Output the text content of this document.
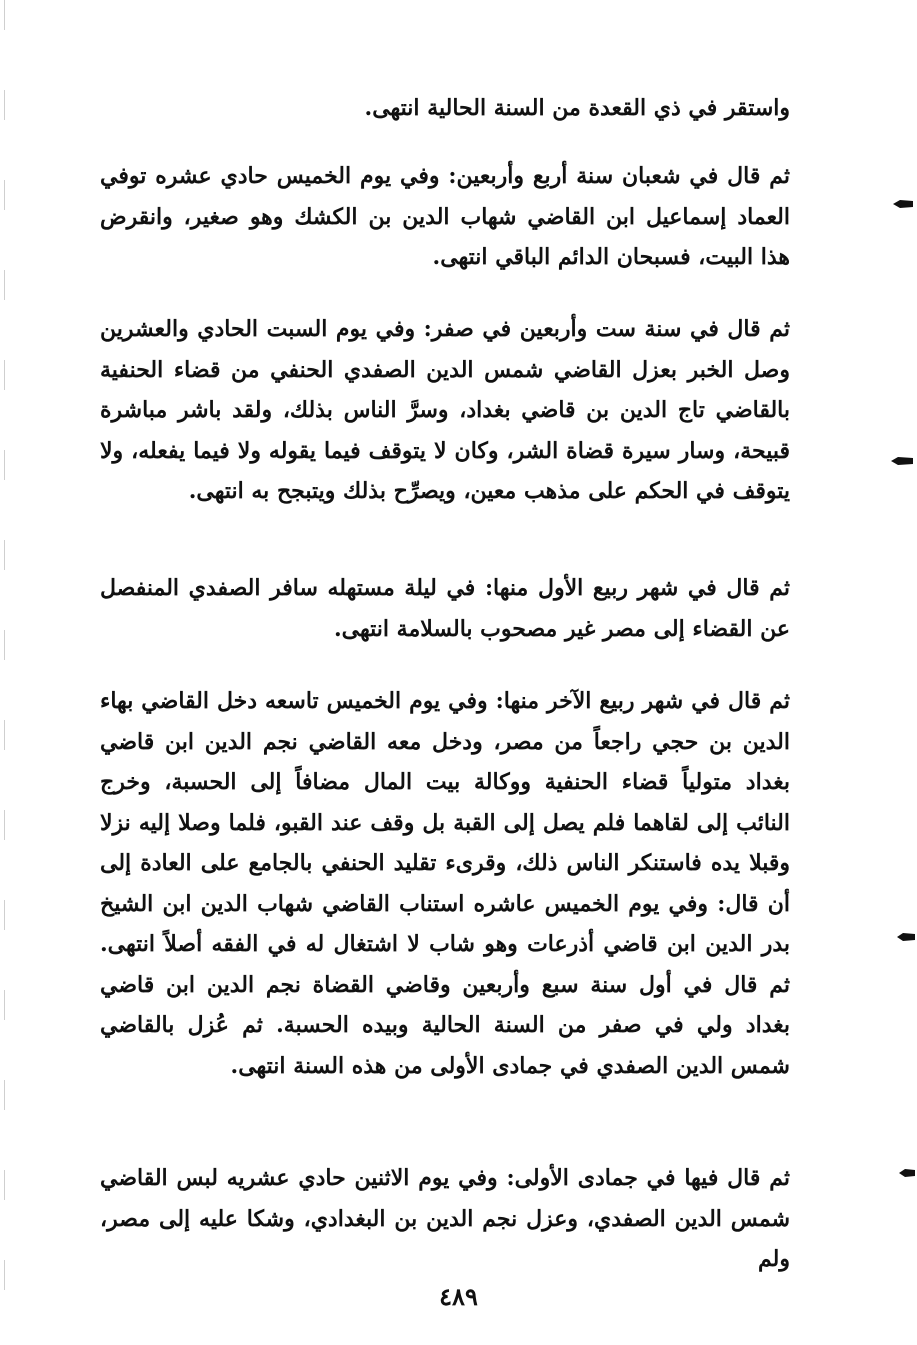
واستقر في ذي القعدة من السنة الحالية انتهى.

ثم قال في شعبان سنة أربع وأربعين: وفي يوم الخميس حادي عشره توفي العماد إسماعيل ابن القاضي شهاب الدين بن الكشك وهو صغير، وانقرض هذا البيت، فسبحان الدائم الباقي انتهى.

ثم قال في سنة ست وأربعين في صفر: وفي يوم السبت الحادي والعشرين وصل الخبر بعزل القاضي شمس الدين الصفدي الحنفي من قضاء الحنفية بالقاضي تاج الدين بن قاضي بغداد، وسرَّ الناس بذلك، ولقد باشر مباشرة قبيحة، وسار سيرة قضاة الشر، وكان لا يتوقف فيما يقوله ولا فيما يفعله، ولا يتوقف في الحكم على مذهب معين، ويصرِّح بذلك ويتبجح به انتهى.

ثم قال في شهر ربيع الأول منها: في ليلة مستهله سافر الصفدي المنفصل عن القضاء إلى مصر غير مصحوب بالسلامة انتهى.

ثم قال في شهر ربيع الآخر منها: وفي يوم الخميس تاسعه دخل القاضي بهاء الدين بن حجي راجعاً من مصر، ودخل معه القاضي نجم الدين ابن قاضي بغداد متولياً قضاء الحنفية ووكالة بيت المال مضافاً إلى الحسبة، وخرج النائب إلى لقاهما فلم يصل إلى القبة بل وقف عند القبو، فلما وصلا إليه نزلا وقبلا يده فاستنكر الناس ذلك، وقرىء تقليد الحنفي بالجامع على العادة إلى أن قال: وفي يوم الخميس عاشره استناب القاضي شهاب الدين ابن الشيخ بدر الدين ابن قاضي أذرعات وهو شاب لا اشتغال له في الفقه أصلاً انتهى. ثم قال في أول سنة سبع وأربعين وقاضي القضاة نجم الدين ابن قاضي بغداد ولي في صفر من السنة الحالية وبيده الحسبة. ثم عُزل بالقاضي شمس الدين الصفدي في جمادى الأولى من هذه السنة انتهى.

ثم قال فيها في جمادى الأولى: وفي يوم الاثنين حادي عشريه لبس القاضي شمس الدين الصفدي، وعزل نجم الدين بن البغدادي، وشكا عليه إلى مصر، ولم

٤٨٩
